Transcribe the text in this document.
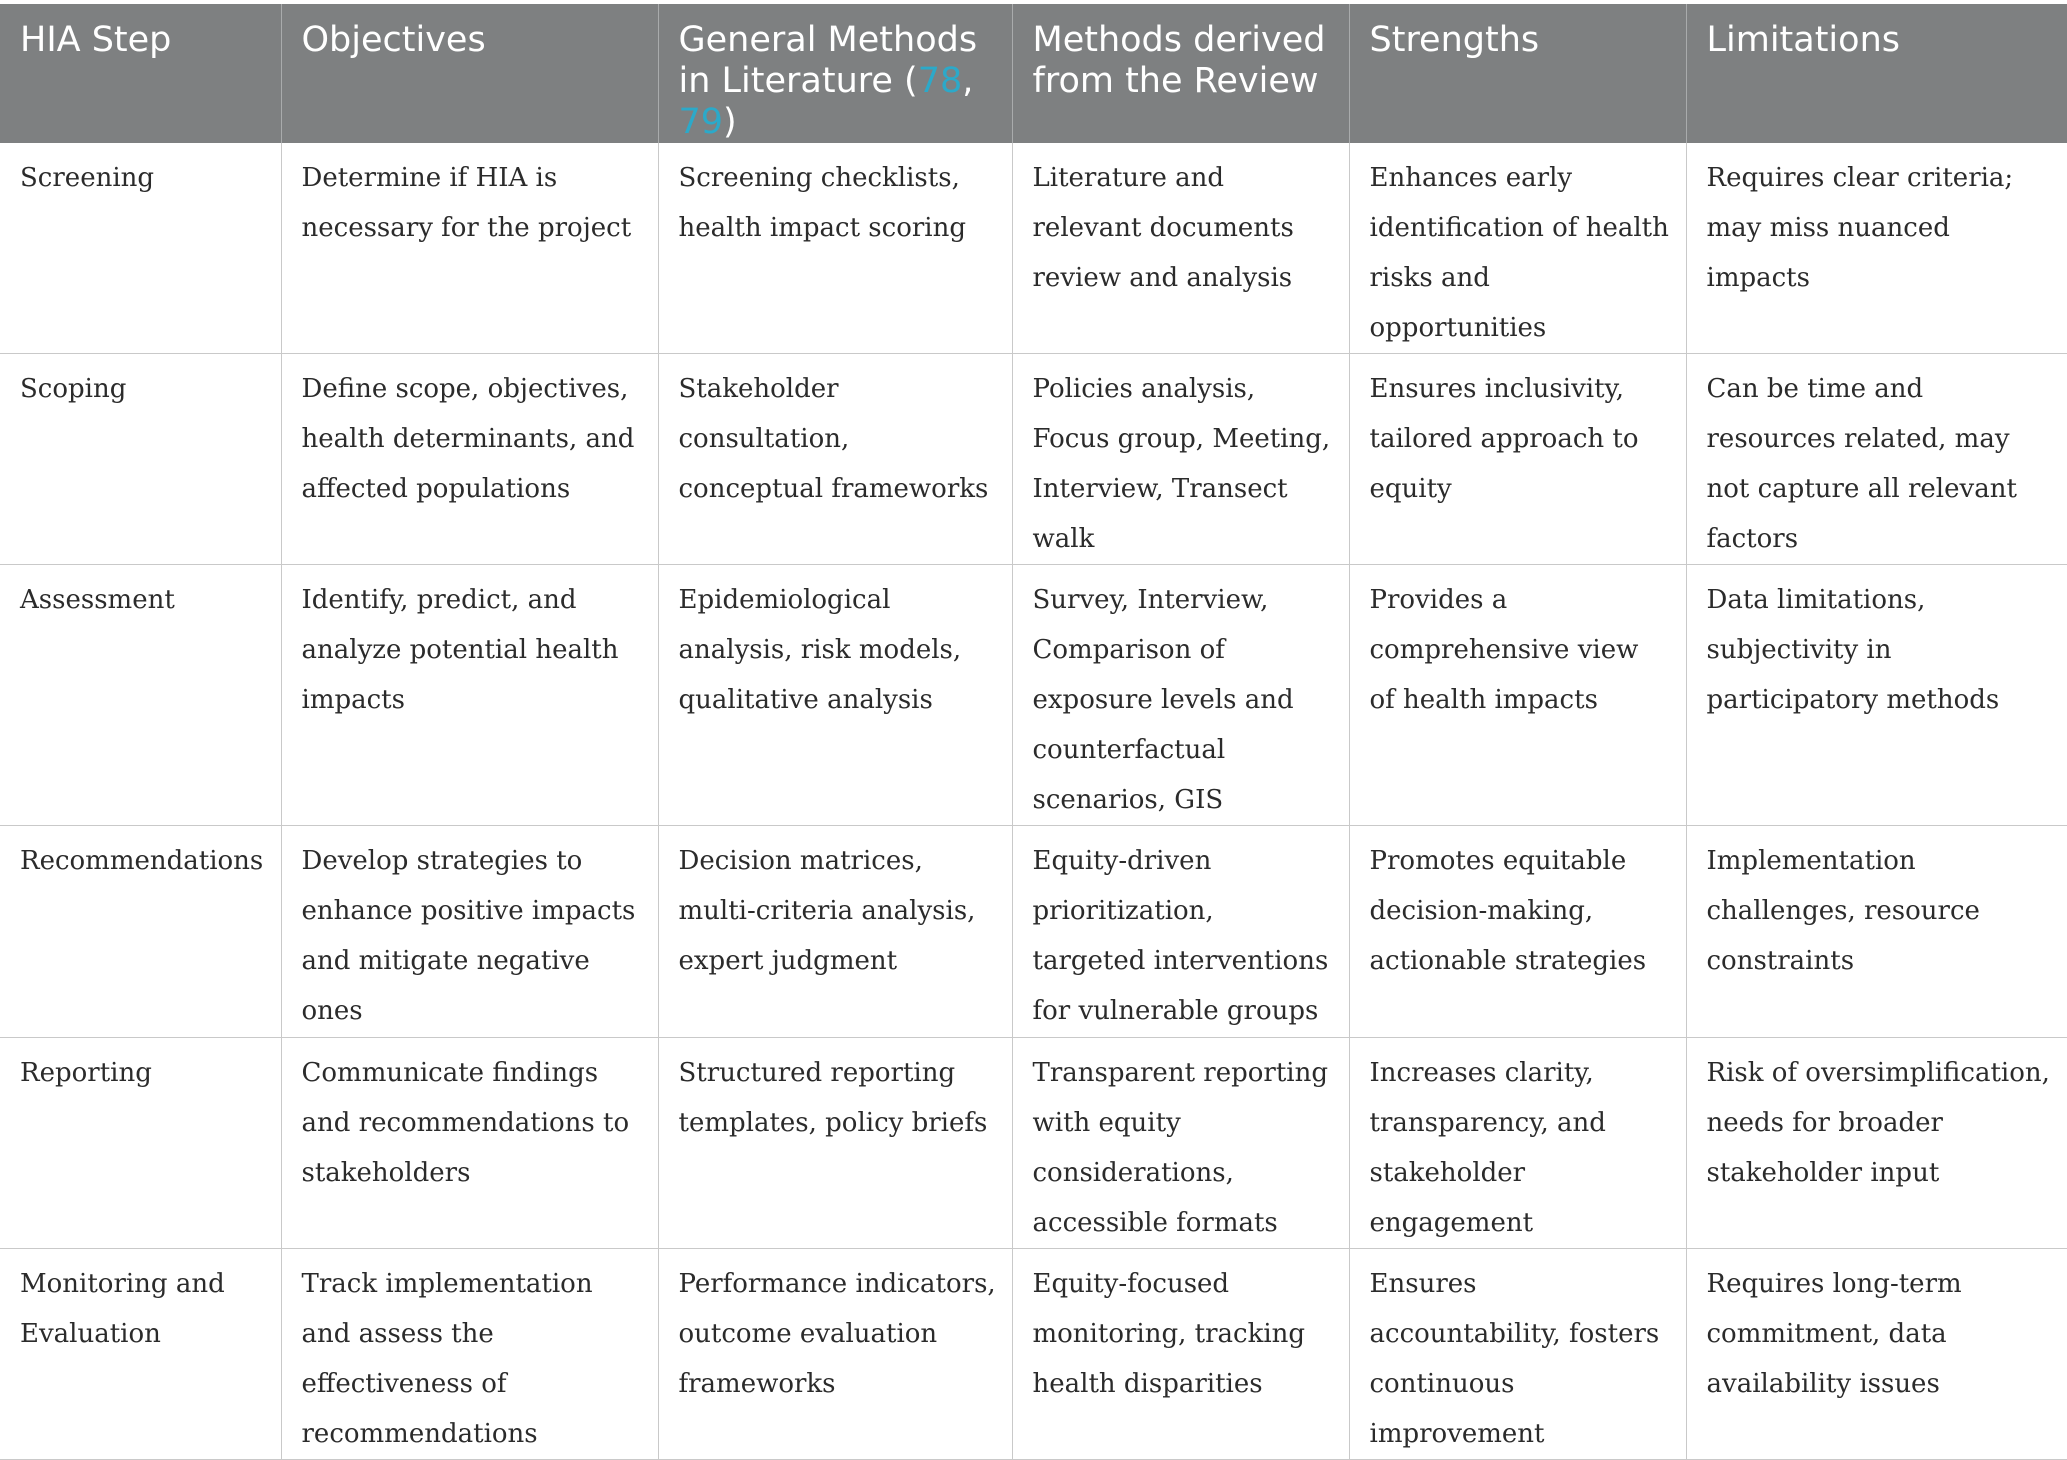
HIA Step	Objectives	General Methods in Literature (78, 79)	Methods derived from the Review	Strengths	Limitations
Screening	Determine if HIA is necessary for the project	Screening checklists, health impact scoring	Literature and relevant documents review and analysis	Enhances early identification of health risks and opportunities	Requires clear criteria; may miss nuanced impacts
Scoping	Define scope, objectives, health determinants, and affected populations	Stakeholder consultation, conceptual frameworks	Policies analysis, Focus group, Meeting, Interview, Transect walk	Ensures inclusivity, tailored approach to equity	Can be time and resources related, may not capture all relevant factors
Assessment	Identify, predict, and analyze potential health impacts	Epidemiological analysis, risk models, qualitative analysis	Survey, Interview, Comparison of exposure levels and counterfactual scenarios, GIS	Provides a comprehensive view of health impacts	Data limitations, subjectivity in participatory methods
Recommendations	Develop strategies to enhance positive impacts and mitigate negative ones	Decision matrices, multi-criteria analysis, expert judgment	Equity-driven prioritization, targeted interventions for vulnerable groups	Promotes equitable decision-making, actionable strategies	Implementation challenges, resource constraints
Reporting	Communicate findings and recommendations to stakeholders	Structured reporting templates, policy briefs	Transparent reporting with equity considerations, accessible formats	Increases clarity, transparency, and stakeholder engagement	Risk of oversimplification, needs for broader stakeholder input
Monitoring and Evaluation	Track implementation and assess the effectiveness of recommendations	Performance indicators, outcome evaluation frameworks	Equity-focused monitoring, tracking health disparities	Ensures accountability, fosters continuous improvement	Requires long-term commitment, data availability issues
